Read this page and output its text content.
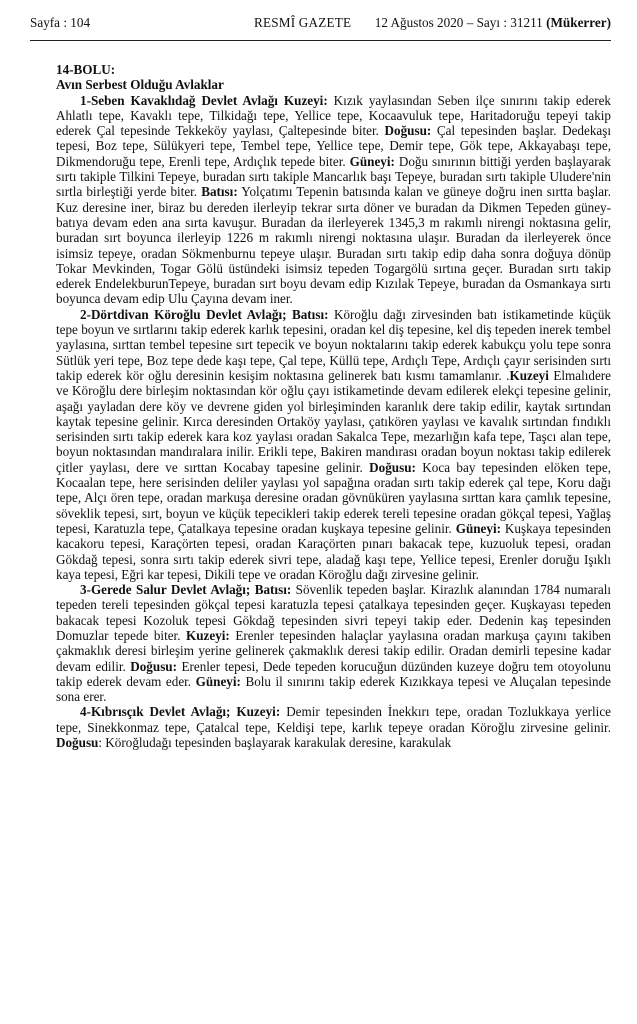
Sayfa : 104	RESMÎ GAZETE 12 Ağustos 2020 – Sayı : 31211 (Mükerrer)

14-BOLU:

Avın Serbest Olduğu Avlaklar

1-Seben Kavaklıdağ Devlet Avlağı Kuzeyi: Kızık yaylasından Seben ilçe sınırını takip ederek Ahlatlı tepe, Kavaklı tepe, Tilkidağı tepe, Yellice tepe, Kocaavuluk tepe, Haritadoruğu tepeyi takip ederek Çal tepesinde Tekkeköy yaylası, Çaltepesinde biter. Doğusu: Çal tepesinden başlar. Dedekaşı tepesi, Boz tepe, Sülükyeri tepe, Tembel tepe, Yellice tepe, Demir tepe, Gök tepe, Akkayabaşı tepe, Dikmendoruğu tepe, Erenli tepe, Ardıçlık tepede biter. Güneyi: Doğu sınırının bittiği yerden başlayarak sırtı takiple Tilkini Tepeye, buradan sırtı takiple Mancarlık başı Tepeye, buradan sırtı takiple Uludere'nin sırtla birleştiği yerde biter. Batısı: Yolçatımı Tepenin batısında kalan ve güneye doğru inen sırtta başlar. Kuz deresine iner, biraz bu dereden ilerleyip tekrar sırta döner ve buradan da Dikmen Tepeden güney- batıya devam eden ana sırta kavuşur. Buradan da ilerleyerek 1345,3 m rakımlı nirengi noktasına gelir, buradan sırt boyunca ilerleyip 1226 m rakımlı nirengi noktasına ulaşır. Buradan da ilerleyerek önce isimsiz tepeye, oradan Sökmenburnu tepeye ulaşır. Buradan sırtı takip edip daha sonra doğuya dönüp Tokar Mevkinden, Togar Gölü üstündeki isimsiz tepeden Togargölü sırtına geçer. Buradan sırtı takip ederek EndelekburunTepeye, buradan sırt boyu devam edip Kızılak Tepeye, buradan da Osmankaya sırtı boyunca devam edip Ulu Çayına devam iner.

2-Dörtdivan Köroğlu Devlet Avlağı; Batısı: Köroğlu dağı zirvesinden batı istikametinde küçük tepe boyun ve sırtlarını takip ederek karlık tepesini, oradan kel diş tepesine, kel diş tepeden inerek tembel yaylasına, sırttan tembel tepesine sırt tepecik ve boyun noktalarını takip ederek kabukçu yolu tepe sonra Sütlük yeri tepe, Boz tepe dede kaşı tepe, Çal tepe, Küllü tepe, Ardıçlı Tepe, Ardıçlı çayır serisinden sırtı takip ederek kör oğlu deresinin kesişim noktasına gelinerek batı kısmı tamamlanır. .Kuzeyi Elmalıdere ve Köroğlu dere birleşim noktasından kör oğlu çayı istikametinde devam edilerek elekçi tepesine gelinir, aşağı yayladan dere köy ve devrene giden yol birleşiminden karanlık dere takip edilir, kaytak sırtından kaytak tepesine gelinir. Kırca deresinden Ortaköy yaylası, çatıkören yaylası ve kavalık sırtından fındıklı serisinden sırtı takip ederek kara koz yaylası oradan Sakalca Tepe, mezarlığın kafa tepe, Taşcı alan tepe, boyun noktasından mandıralara inilir. Erikli tepe, Bakiren mandırası oradan boyun noktası takip edilerek çitler yaylası, dere ve sırttan Kocabay tapesine gelinir. Doğusu: Koca bay tepesinden elöken tepe, Kocaalan tepe, here serisinden deliler yaylası yol sapağına oradan sırtı takip ederek çal tepe, Koru dağı tepe, Alçı ören tepe, oradan markuşa deresine oradan gövnüküren yaylasına sırttan kara çamlık tepesine, söveklik tepesi, sırt, boyun ve küçük tepecikleri takip ederek tereli tepesine oradan gökçal tepesi, Yağlaş tepesi, Karatuzla tepe, Çatalkaya tepesine oradan kuşkaya tepesine gelinir. Güneyi: Kuşkaya tepesinden kacakoru tepesi, Karaçörten tepesi, oradan Karaçörten pınarı bakacak tepe, kuzuoluk tepesi, oradan Gökdağ tepesi, sonra sırtı takip ederek sivri tepe, aladağ kaşı tepe, Yellice tepesi, Erenler doruğu Işıklı kaya tepesi, Eğri kar tepesi, Dikili tepe ve oradan Köroğlu dağı zirvesine gelinir.

3-Gerede Salur Devlet Avlağı; Batısı: Sövenlik tepeden başlar. Kirazlık alanından 1784 numaralı tepeden tereli tepesinden gökçal tepesi karatuzla tepesi çatalkaya tepesinden geçer. Kuşkayası tepeden bakacak tepesi Kozoluk tepesi Gökdağ tepesinden sivri tepeyi takip eder. Dedenin kaş tepesinden Domuzlar tepede biter. Kuzeyi: Erenler tepesinden halaçlar yaylasına oradan markuşa çayını takiben çakmaklık deresi birleşim yerine gelinerek çakmaklık deresi takip edilir. Oradan demirli tepesine kadar devam edilir. Doğusu: Erenler tepesi, Dede tepeden korucuğun düzünden kuzeye doğru tem otoyolunu takip ederek devam eder. Güneyi: Bolu il sınırını takip ederek Kızıkkaya tepesi ve Aluçalan tepesinde sona erer.

4-Kıbrısçık Devlet Avlağı; Kuzeyi: Demir tepesinden İnekkırı tepe, oradan Tozlukkaya yerlice tepe, Sinekkonmaz tepe, Çatalcal tepe, Keldişi tepe, karlık tepeye oradan Köroğlu zirvesine gelinir. Doğusu: Köroğludağı tepesinden başlayarak karakulak deresine, karakulak
